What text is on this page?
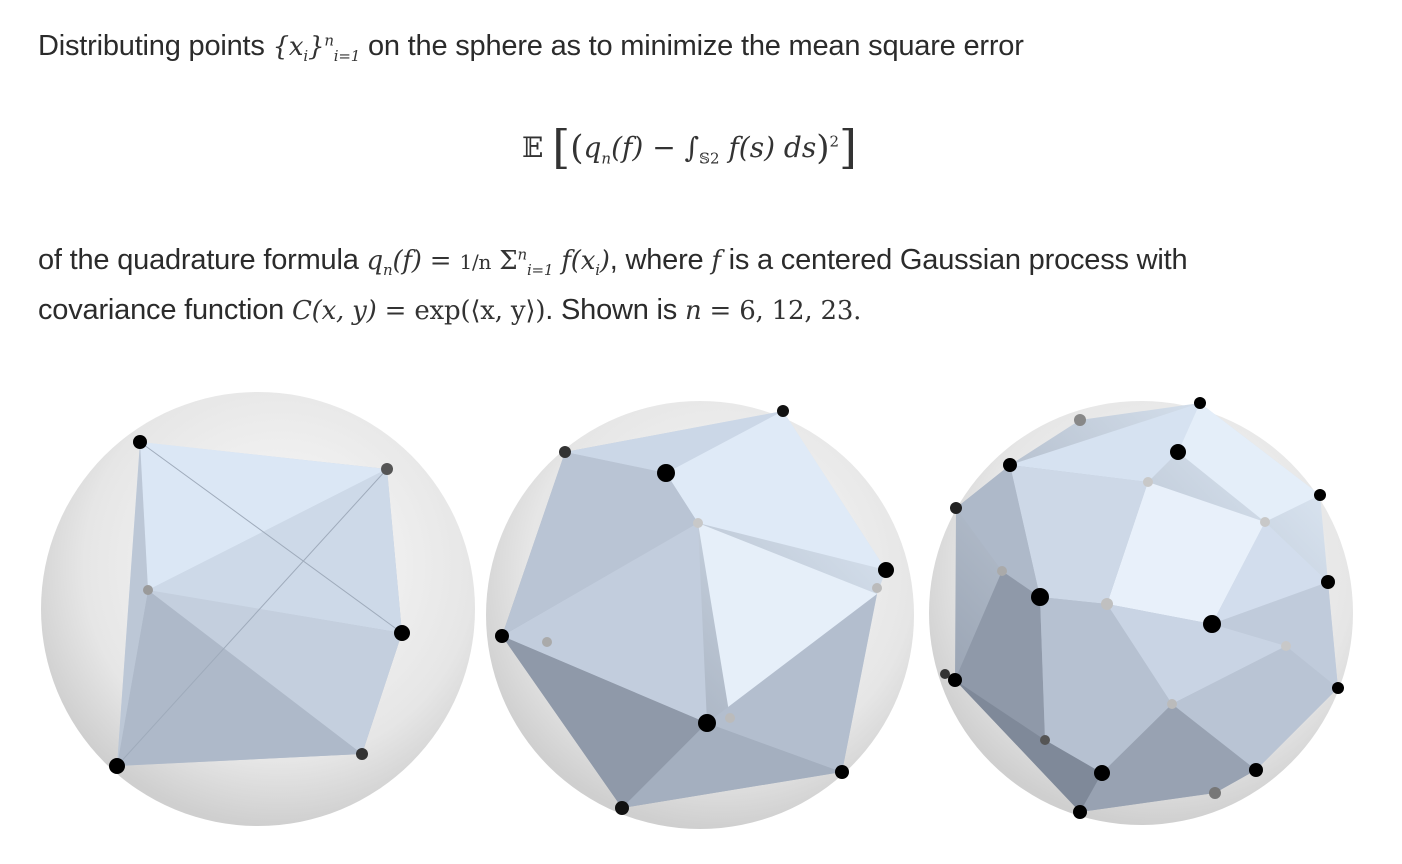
Distributing points $\{x_i\}^n_{i=1}$ on the sphere as to minimize the mean square error
𝔼 [($q_n(f) - \int_{𝕊2}$ f(s) ds)$^2$]
of the quadrature formula $q_n(f) = 1/n$ $\Sigma^n_{i=1}$ $f(x_i)$, where f is a centered Gaussian process with
covariance function C(x, y) = exp(⟨x, y⟩). Shown is n = 6, 12, 23.
